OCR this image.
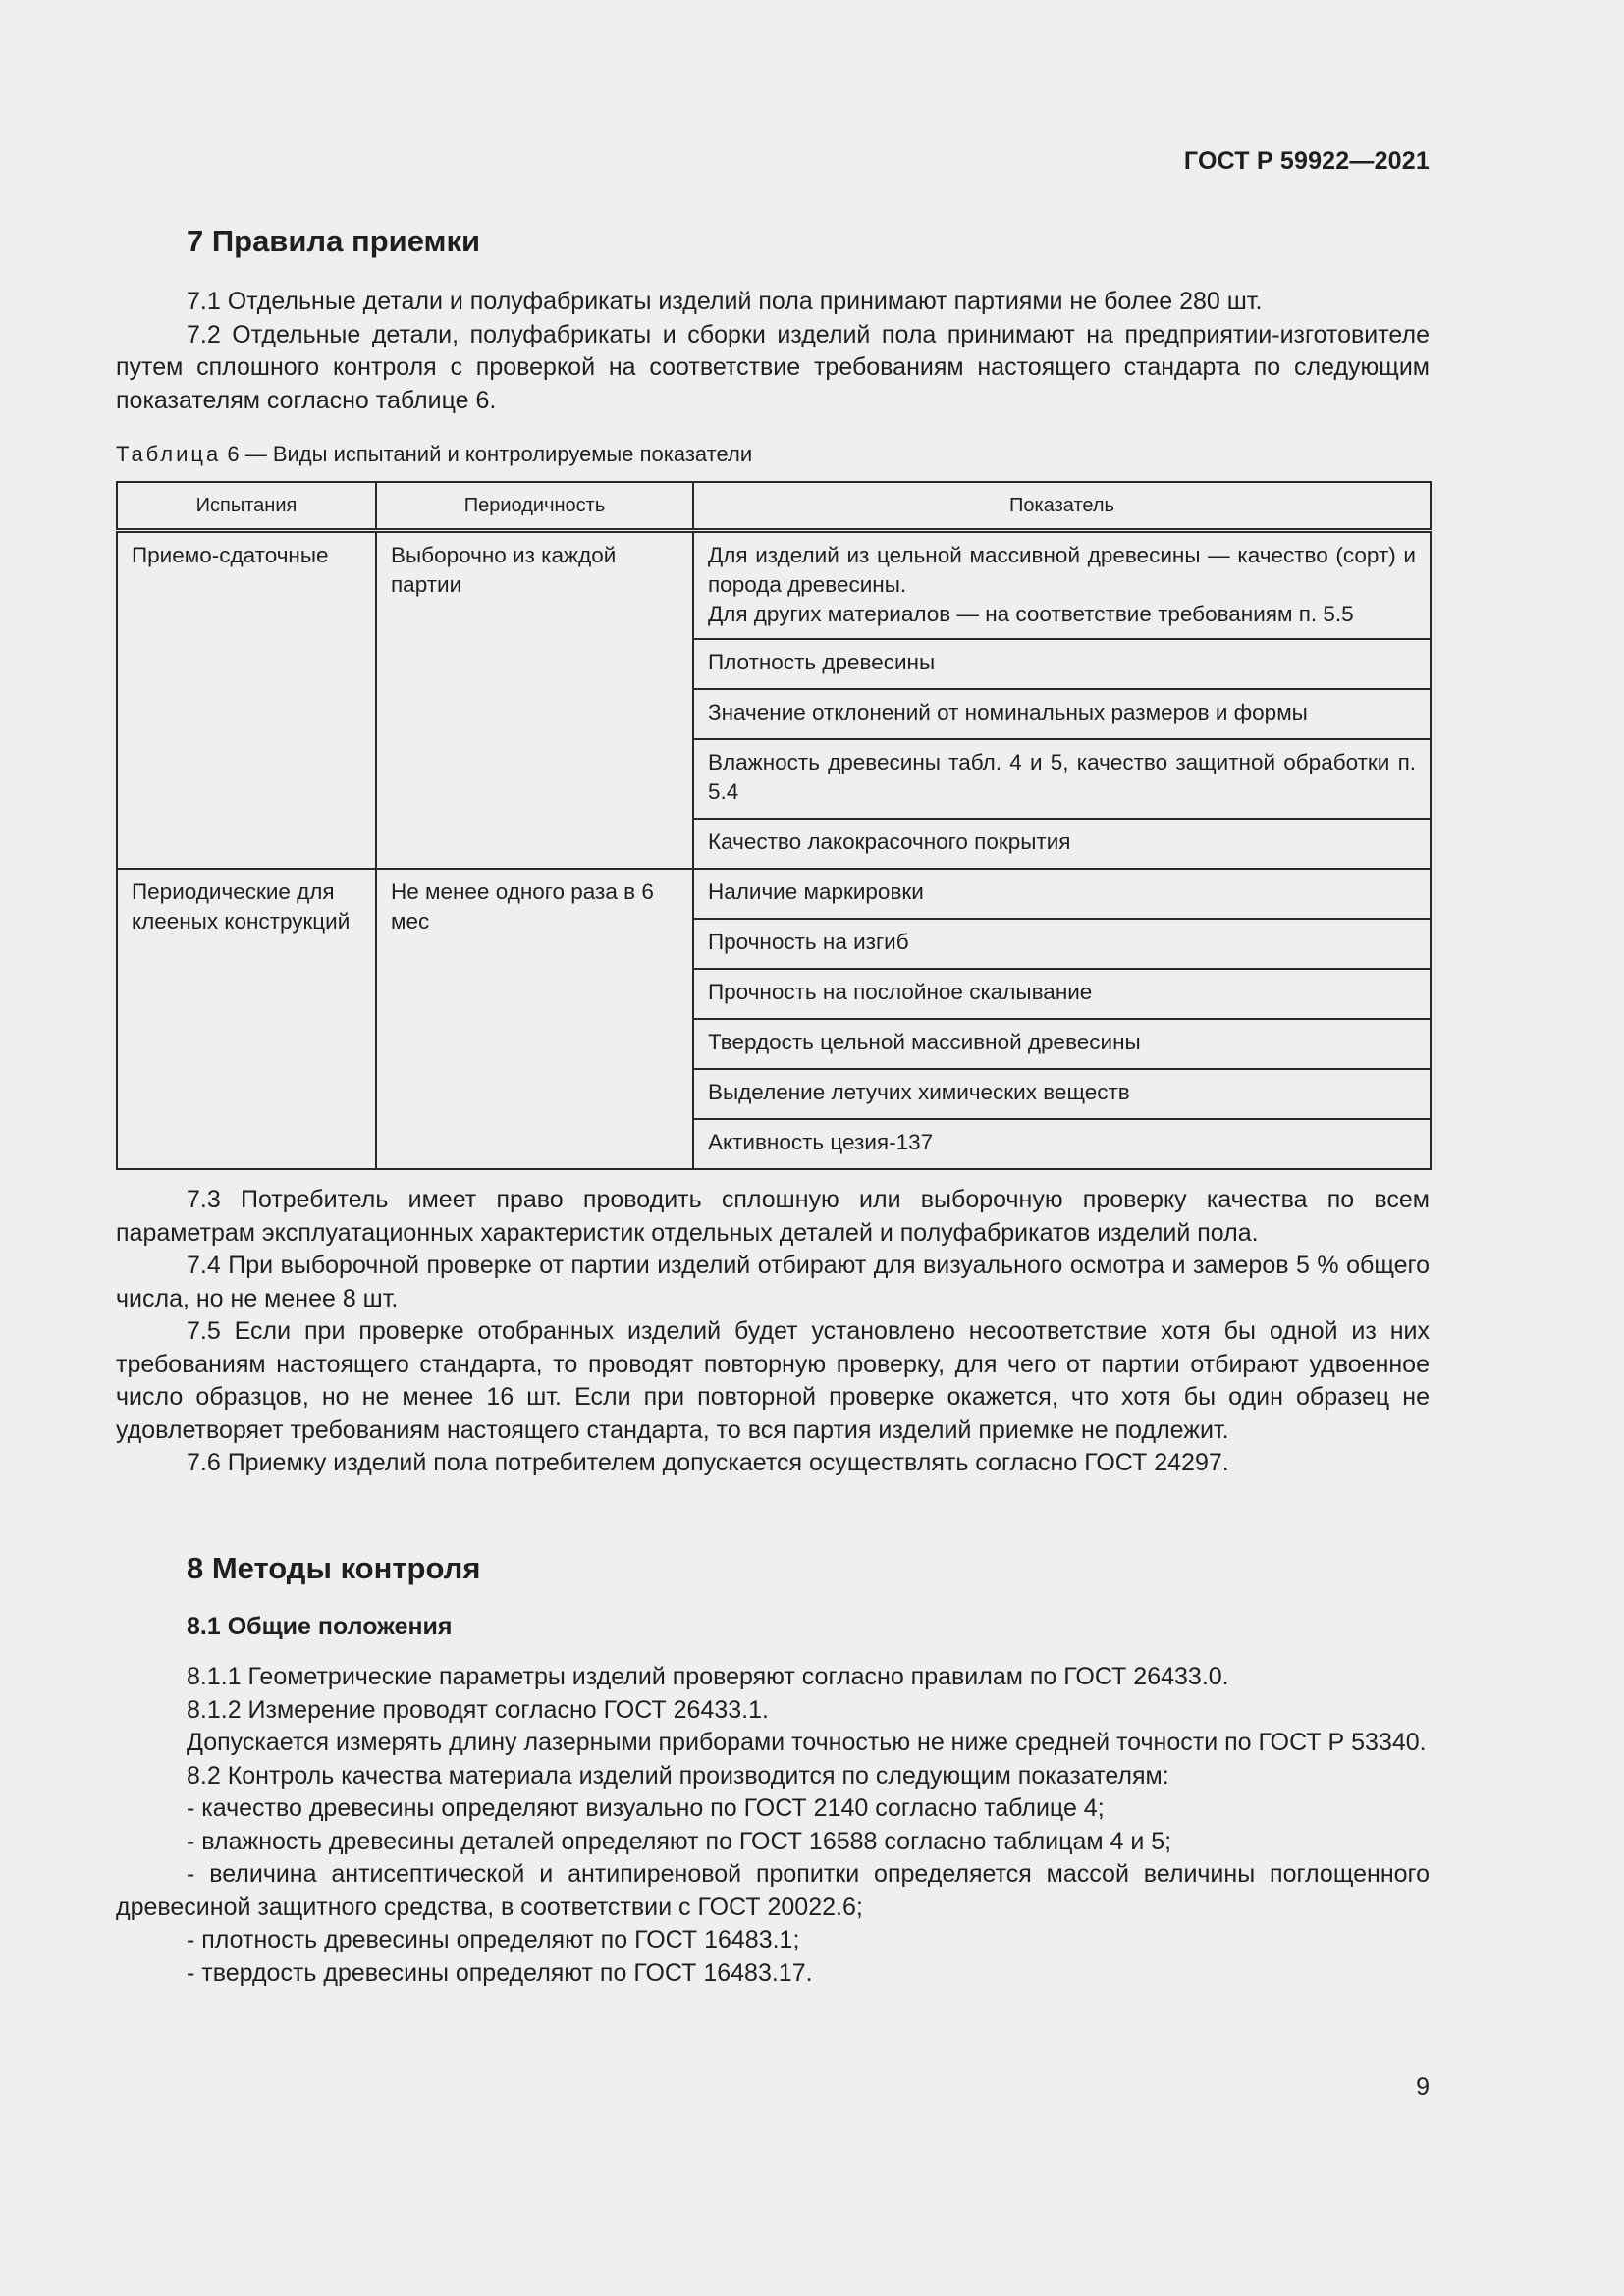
ГОСТ Р 59922—2021
7 Правила приемки

7.1 Отдельные детали и полуфабрикаты изделий пола принимают партиями не более 280 шт.

7.2 Отдельные детали, полуфабрикаты и сборки изделий пола принимают на предприятии-изготовителе путем сплошного контроля с проверкой на соответствие требованиям настоящего стандарта по следующим показателям согласно таблице 6.

Таблица 6 — Виды испытаний и контролируемые показатели
Испытания	Периодичность	Показатель
Приемо-сдаточные	Выборочно из каждой партии	Для изделий из цельной массивной древесины — качество (сорт) и порода древесины.
Для других материалов — на соответствие требованиям п. 5.5
		Плотность древесины
		Значение отклонений от номинальных размеров и формы
		Влажность древесины табл. 4 и 5, качество защитной обработки п. 5.4
		Качество лакокрасочного покрытия
Периодические для клееных конструкций	Не менее одного раза в 6 мес	Наличие маркировки
		Прочность на изгиб
		Прочность на послойное скалывание
		Твердость цельной массивной древесины
		Выделение летучих химических веществ
		Активность цезия-137

7.3 Потребитель имеет право проводить сплошную или выборочную проверку качества по всем параметрам эксплуатационных характеристик отдельных деталей и полуфабрикатов изделий пола.

7.4 При выборочной проверке от партии изделий отбирают для визуального осмотра и замеров 5 % общего числа, но не менее 8 шт.

7.5 Если при проверке отобранных изделий будет установлено несоответствие хотя бы одной из них требованиям настоящего стандарта, то проводят повторную проверку, для чего от партии отбирают удвоенное число образцов, но не менее 16 шт. Если при повторной проверке окажется, что хотя бы один образец не удовлетворяет требованиям настоящего стандарта, то вся партия изделий приемке не подлежит.

7.6 Приемку изделий пола потребителем допускается осуществлять согласно ГОСТ 24297.

8 Методы контроля
8.1 Общие положения

8.1.1 Геометрические параметры изделий проверяют согласно правилам по ГОСТ 26433.0.

8.1.2 Измерение проводят согласно ГОСТ 26433.1.

Допускается измерять длину лазерными приборами точностью не ниже средней точности по ГОСТ Р 53340.

8.2 Контроль качества материала изделий производится по следующим показателям:

- качество древесины определяют визуально по ГОСТ 2140 согласно таблице 4;

- влажность древесины деталей определяют по ГОСТ 16588 согласно таблицам 4 и 5;

- величина антисептической и антипиреновой пропитки определяется массой величины поглощенного древесиной защитного средства, в соответствии с ГОСТ 20022.6;

- плотность древесины определяют по ГОСТ 16483.1;

- твердость древесины определяют по ГОСТ 16483.17.

9
